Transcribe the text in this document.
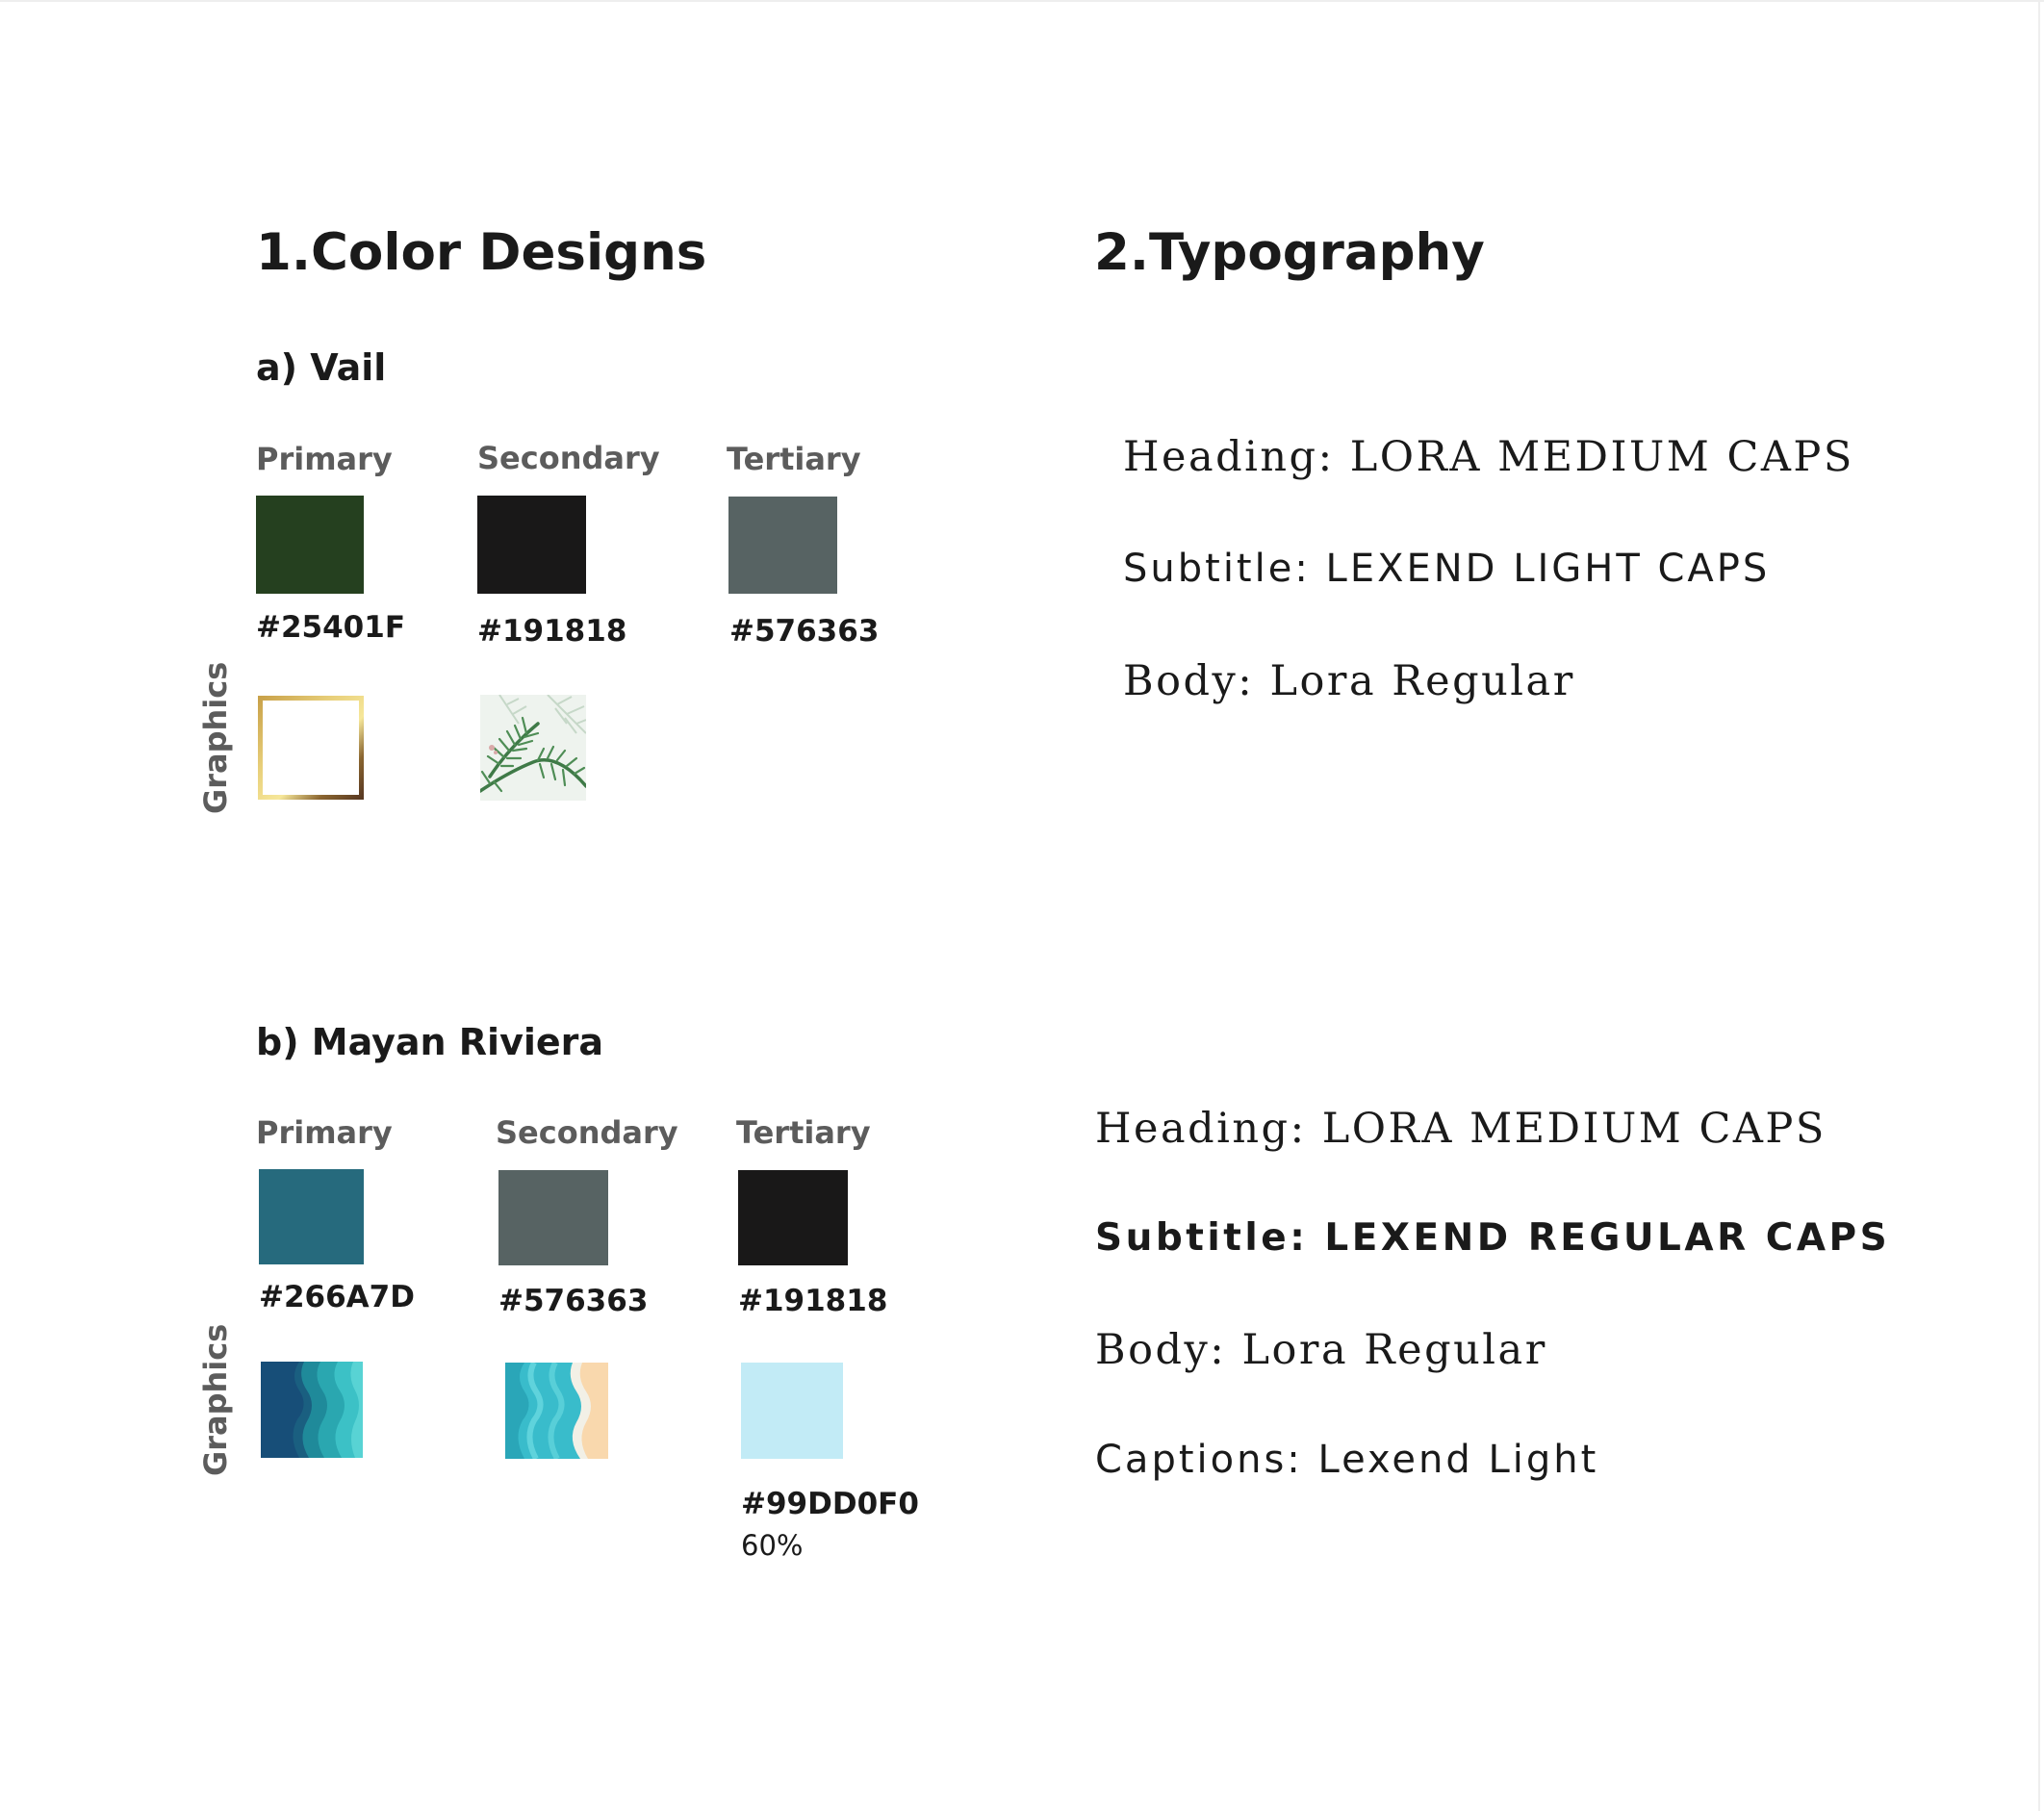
1.Color Designs
a) Vail
Primary	Secondary Tertiary
#25401F #191818	#576363
Graphics
b) Mayan Riviera
Primary	Secondary Tertiary
#266A7D	#576363	#191818
Graphics
#99DD0F0
60%
2.Typography
Heading: LORA MEDIUM CAPS
Subtitle: LEXEND LIGHT CAPS
Body: Lora Regular
Heading: LORA MEDIUM CAPS
Subtitle: LEXEND REGULAR CAPS
Body: Lora Regular
Captions: Lexend Light
